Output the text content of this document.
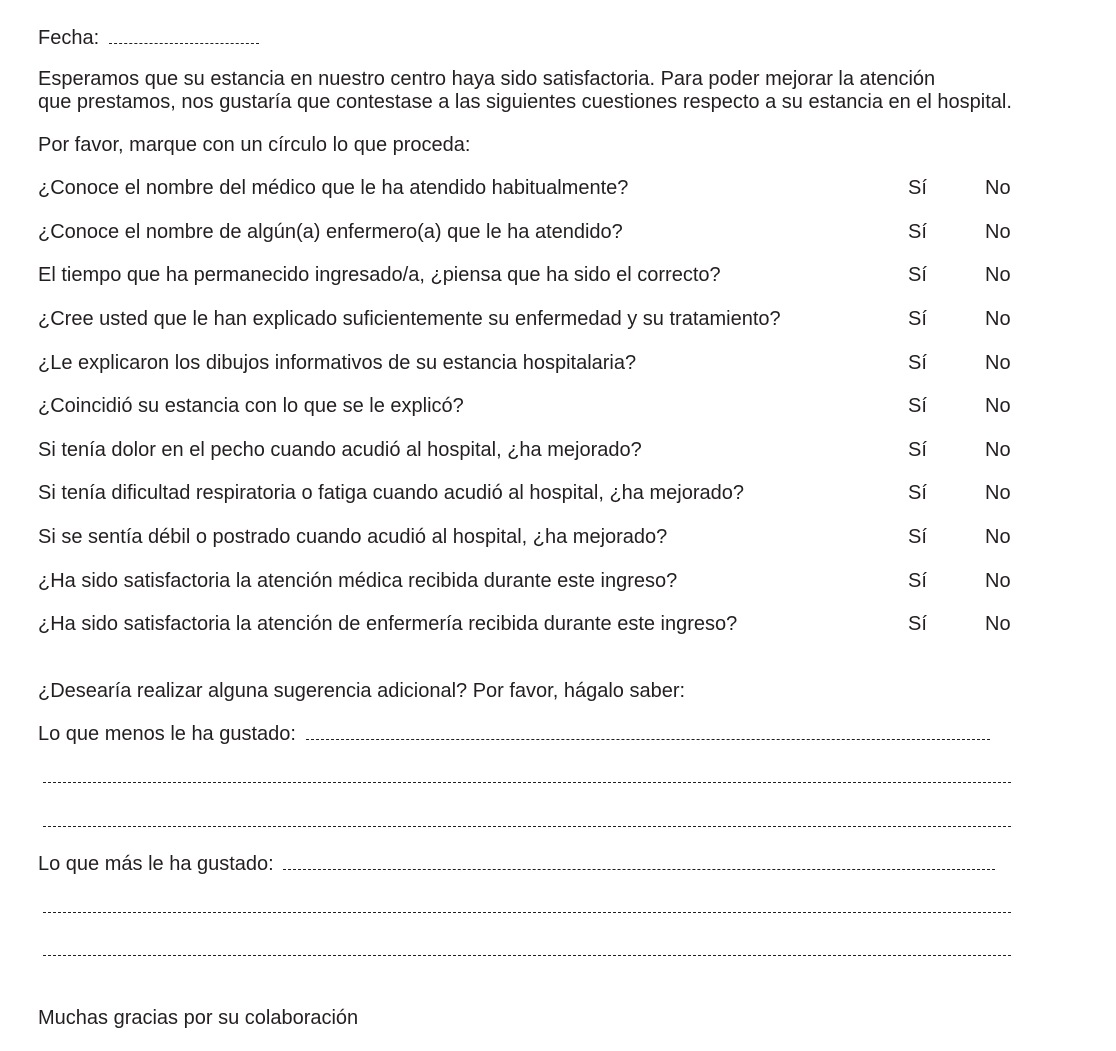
Fecha:
Esperamos que su estancia en nuestro centro haya sido satisfactoria. Para poder mejorar la atención
que prestamos, nos gustaría que contestase a las siguientes cuestiones respecto a su estancia en el hospital.
Por favor, marque con un círculo lo que proceda:
¿Conoce el nombre del médico que le ha atendido habitualmente?	Sí	No
¿Conoce el nombre de algún(a) enfermero(a) que le ha atendido?	Sí	No
El tiempo que ha permanecido ingresado/a, ¿piensa que ha sido el correcto?	Sí	No
¿Cree usted que le han explicado suficientemente su enfermedad y su tratamiento?	Sí	No
¿Le explicaron los dibujos informativos de su estancia hospitalaria?	Sí	No
¿Coincidió su estancia con lo que se le explicó?	Sí	No
Si tenía dolor en el pecho cuando acudió al hospital, ¿ha mejorado?	Sí	No
Si tenía dificultad respiratoria o fatiga cuando acudió al hospital, ¿ha mejorado?	Sí	No
Si se sentía débil o postrado cuando acudió al hospital, ¿ha mejorado?	Sí	No
¿Ha sido satisfactoria la atención médica recibida durante este ingreso?	Sí	No
¿Ha sido satisfactoria la atención de enfermería recibida durante este ingreso?	Sí	No
¿Desearía realizar alguna sugerencia adicional? Por favor, hágalo saber:
Lo que menos le ha gustado:
Lo que más le ha gustado:
Muchas gracias por su colaboración
